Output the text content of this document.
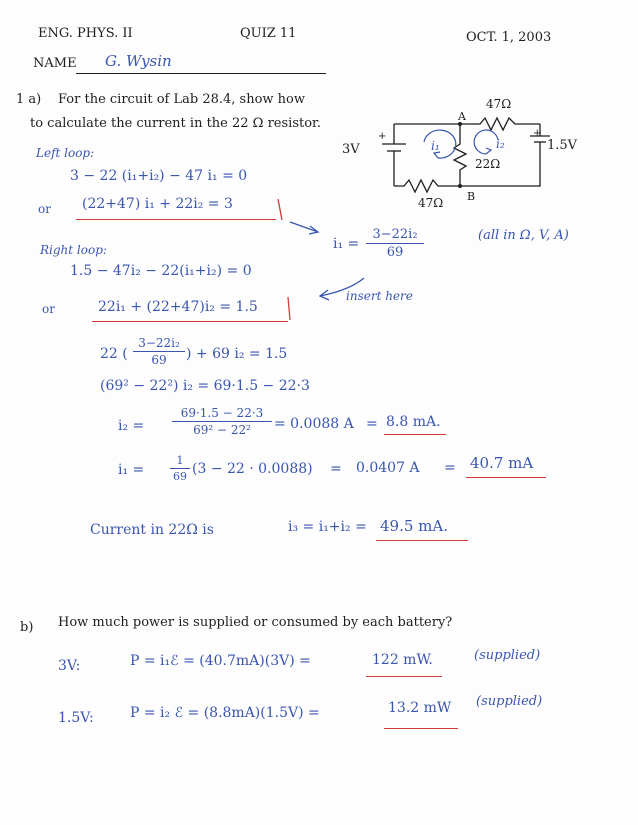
ENG. PHYS. II	QUIZ 11	OCT. 1, 2003
NAME G. Wysin
1 a) For the circuit of Lab 28.4, show how
to calculate the current in the 22 Ω resistor.
47Ω
A
22Ω
47Ω B
3V	1.5V
+	+
i₁	i₂
Left loop:
3 − 22 (i₁+i₂) − 47 i₁ = 0
or (22+47) i₁ + 22i₂ = 3
i₁ =
3−22i₂
69
(all in Ω, V, A)
Right loop:
1.5 − 47i₂ − 22(i₁+i₂) = 0
insert here
or	22i₁ + (22+47)i₂ = 1.5
22 (
3−22i₂
69	) + 69 i₂ = 1.5
(69² − 22²) i₂ = 69·1.5 − 22·3
i₂ =
69·1.5 − 22·3
69² − 22²	= 0.0088 A = 8.8 mA.
i₁ =
1
69 (3 − 22 · 0.0088) = 0.0407 A = 40.7 mA
Current in 22Ω is	i₃ = i₁+i₂ = 49.5 mA.
b) How much power is supplied or consumed by each battery?
3V:	P = i₁ℰ = (40.7mA)(3V) =	122 mW.	(supplied)
1.5V:	P = i₂ ℰ = (8.8mA)(1.5V) =	13.2 mW (supplied)
